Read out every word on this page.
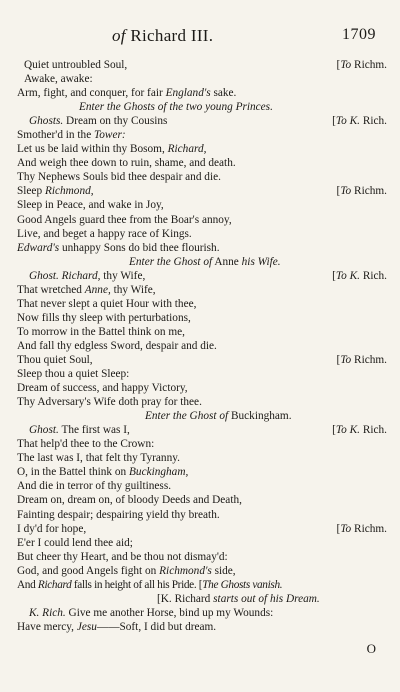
of Richard III.	1709
Quiet untroubled Soul,	[To Richm.
Awake, awake:
Arm, fight, and conquer, for fair England's sake.
Enter the Ghosts of the two young Princes.
Ghosts. Dream on thy Cousins	[To K. Rich.
Smother'd in the Tower:
Let us be laid within thy Bosom, Richard,
And weigh thee down to ruin, shame, and death.
Thy Nephews Souls bid thee despair and die.
Sleep Richmond,	[To Richm.
Sleep in Peace, and wake in Joy,
Good Angels guard thee from the Boar's annoy,
Live, and beget a happy race of Kings.
Edward's unhappy Sons do bid thee flourish.
Enter the Ghost of Anne his Wife.
Ghost. Richard, thy Wife,	[To K. Rich.
That wretched Anne, thy Wife,
That never slept a quiet Hour with thee,
Now fills thy sleep with perturbations,
To morrow in the Battel think on me,
And fall thy edgless Sword, despair and die.
Thou quiet Soul,	[To Richm.
Sleep thou a quiet Sleep:
Dream of success, and happy Victory,
Thy Adversary's Wife doth pray for thee.
Enter the Ghost of Buckingham.
Ghost. The first was I,	[To K. Rich.
That help'd thee to the Crown:
The last was I, that felt thy Tyranny.
O, in the Battel think on Buckingham,
And die in terror of thy guiltiness.
Dream on, dream on, of bloody Deeds and Death,
Fainting despair; despairing yield thy breath.
I dy'd for hope,	[To Richm.
E'er I could lend thee aid;
But cheer thy Heart, and be thou not dismay'd:
God, and good Angels fight on Richmond's side,
And Richard falls in height of all his Pride. [The Ghosts vanish.
[K. Richard starts out of his Dream.
K. Rich. Give me another Horse, bind up my Wounds:
Have mercy, Jesu——Soft, I did but dream.
O
